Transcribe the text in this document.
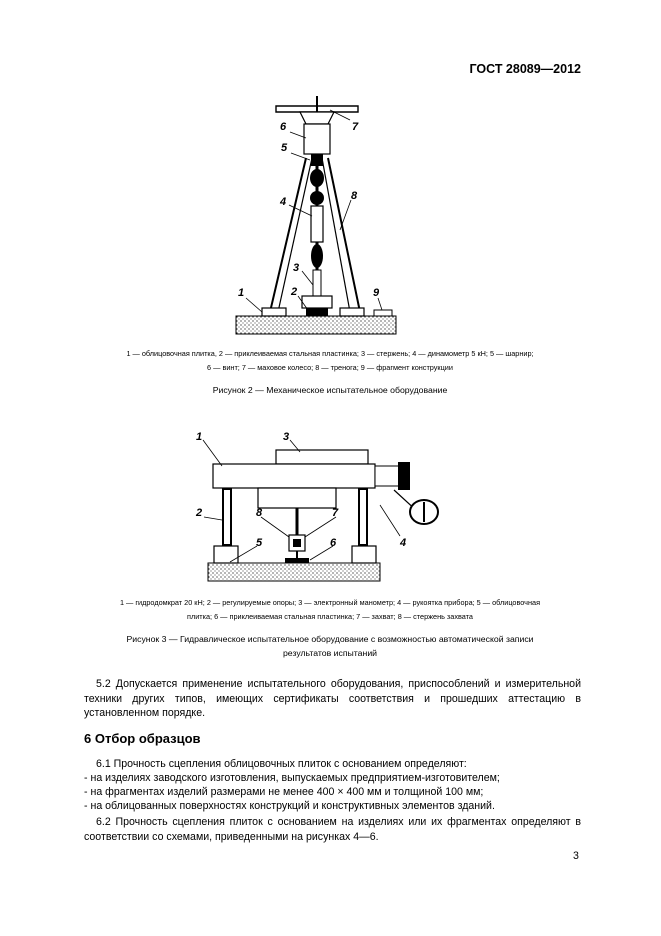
ГОСТ 28089—2012
6
5
7
4	8
3
2
1	9
1 — облицовочная плитка, 2 — приклеиваемая стальная пластинка; 3 — стержень; 4 — динамометр 5 кН; 5 — шарнир;
6 — винт; 7 — маховое колесо; 8 — тренога; 9 — фрагмент конструкции
Рисунок 2 — Механическое испытательное оборудование
1	3
2	8	7
5	6	4
1 — гидродомкрат 20 кН; 2 — регулируемые опоры; 3 — электронный манометр; 4 — рукоятка прибора; 5 — облицовочная
плитка; 6 — приклеиваемая стальная пластинка; 7 — захват; 8 — стержень захвата
Рисунок 3 — Гидравлическое испытательное оборудование с возможностью автоматической записи
результатов испытаний
5.2 Допускается применение испытательного оборудования, приспособлений и измерительной техники других типов, имеющих сертификаты соответствия и прошедших аттестацию в установленном порядке.
6 Отбор образцов
6.1 Прочность сцепления облицовочных плиток с основанием определяют:
- на изделиях заводского изготовления, выпускаемых предприятием-изготовителем;
- на фрагментах изделий размерами не менее 400 × 400 мм и толщиной 100 мм;
- на облицованных поверхностях конструкций и конструктивных элементов зданий.
6.2 Прочность сцепления плиток с основанием на изделиях или их фрагментах определяют в соответствии со схемами, приведенными на рисунках 4—6.
3
